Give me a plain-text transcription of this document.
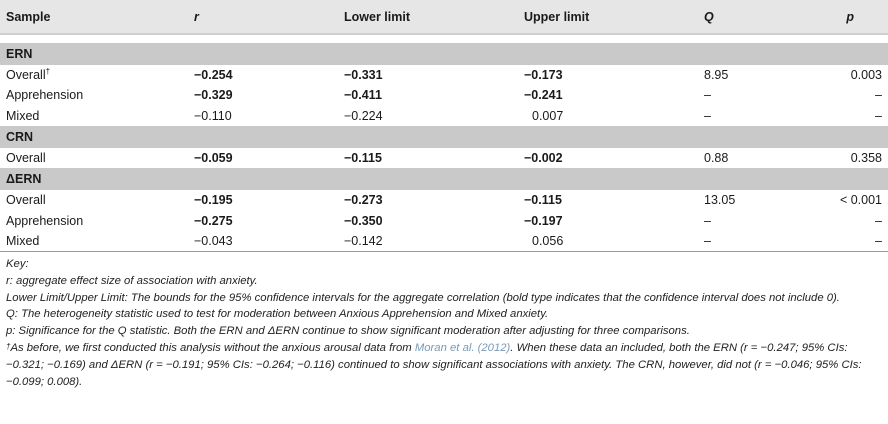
Sample	r	Lower limit	Upper limit	Q	p

ERN					
Overall†	−0.254	−0.331	−0.173	8.95	0.003
Apprehension	−0.329	−0.411	−0.241	–	–
Mixed	−0.110	−0.224	0.007	–	–
CRN					
Overall	−0.059	−0.115	−0.002	0.88	0.358
ΔERN					
Overall	−0.195	−0.273	−0.115	13.05	< 0.001
Apprehension	−0.275	−0.350	−0.197	–	–
Mixed	−0.043	−0.142	0.056	–	–

Key:

r: aggregate effect size of association with anxiety.

Lower Limit/Upper Limit: The bounds for the 95% confidence intervals for the aggregate correlation (bold type indicates that the confidence interval does not include 0).

Q: The heterogeneity statistic used to test for moderation between Anxious Apprehension and Mixed anxiety.

p: Significance for the Q statistic. Both the ERN and ΔERN continue to show significant moderation after adjusting for three comparisons.

†As before, we first conducted this analysis without the anxious arousal data from Moran et al. (2012). When these data an included, both the ERN (r = −0.247; 95% CIs: −0.321; −0.169) and ΔERN (r = −0.191; 95% CIs: −0.264; −0.116) continued to show significant associations with anxiety. The CRN, however, did not (r = −0.046; 95% CIs: −0.099; 0.008).
